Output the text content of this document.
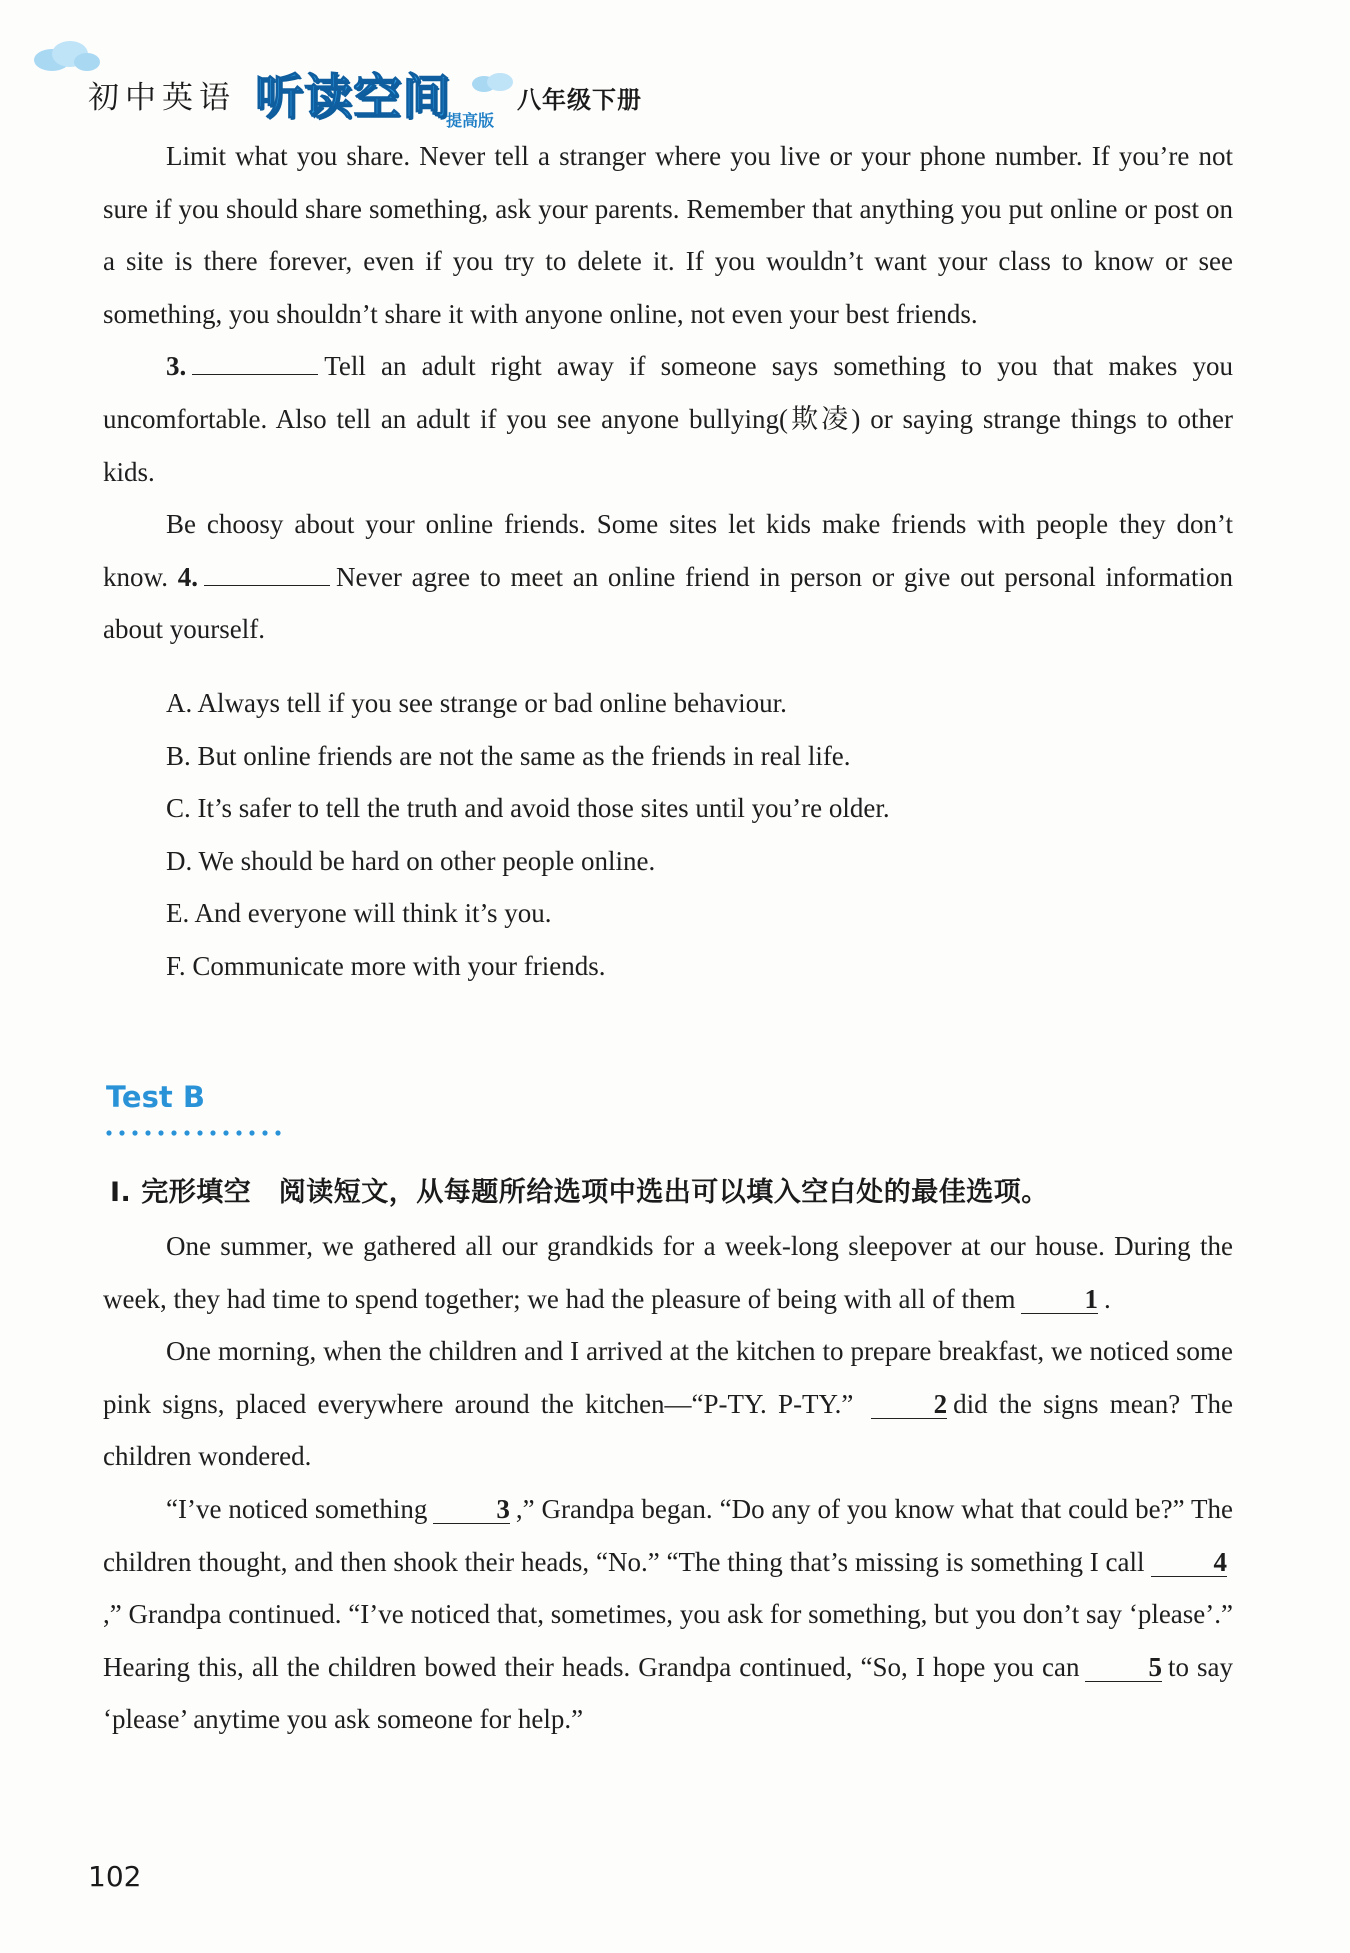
初中英语 听读空间
提高版
八年级下册

Limit what you share. Never tell a stranger where you live or your phone number. If you’re not sure if you should share something, ask your parents. Remember that anything you put online or post on a site is there forever, even if you try to delete it. If you wouldn’t want your class to know or see something, you shouldn’t share it with anyone online, not even your best friends.

3.	Tell an adult right away if someone says something to you that makes you uncomfortable. Also tell an adult if you see anyone bullying(欺凌) or saying strange things to other kids.

Be choosy about your online friends. Some sites let kids make friends with people they don’t know. 4.	Never agree to meet an online friend in person or give out personal information about yourself.

A. Always tell if you see strange or bad online behaviour.

B. But online friends are not the same as the friends in real life.

C. It’s safer to tell the truth and avoid those sites until you’re older.

D. We should be hard on other people online.

E. And everyone will think it’s you.

F. Communicate more with your friends.

Test B
Ⅰ. 完形填空　阅读短文，从每题所给选项中选出可以填入空白处的最佳选项。

One summer, we gathered all our grandkids for a week-long sleepover at our house. During the week, they had time to spend together; we had the pleasure of being with all of them	1 .

One morning, when the children and I arrived at the kitchen to prepare breakfast, we noticed some pink signs, placed everywhere around the kitchen—“P-TY. P-TY.”	2 did the signs mean? The children wondered.

“I’ve noticed something	3 ,” Grandpa began. “Do any of you know what that could be?” The children thought, and then shook their heads, “No.” “The thing that’s missing is something I call	4,” Grandpa continued. “I’ve noticed that, sometimes, you ask for something, but you don’t say ‘please’.” Hearing this, all the children bowed their heads. Grandpa continued, “So, I hope you can	5 to say ‘please’ anytime you ask someone for help.”

102
